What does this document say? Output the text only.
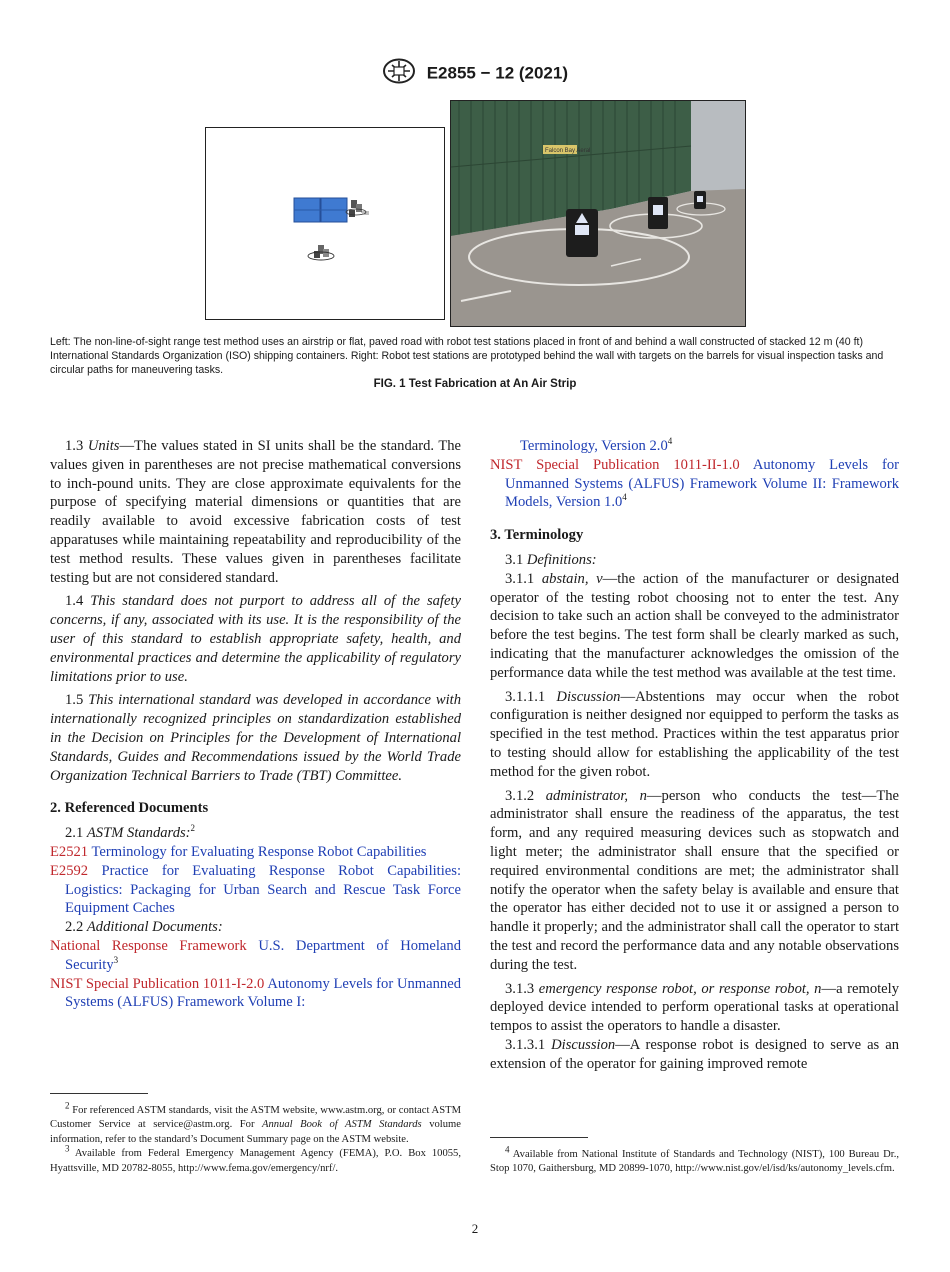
E2855 − 12 (2021)
Falcon Bay Aeral
Left: The non-line-of-sight range test method uses an airstrip or flat, paved road with robot test stations placed in front of and behind a wall constructed of stacked 12 m (40 ft) International Standards Organization (ISO) shipping containers. Right: Robot test stations are prototyped behind the wall with targets on the barrels for visual inspection tasks and circular paths for maneuvering tasks.
FIG. 1 Test Fabrication at An Air Strip

1.3 Units—The values stated in SI units shall be the standard. The values given in parentheses are not precise mathematical conversions to inch-pound units. They are close approximate equivalents for the purpose of specifying material dimensions or quantities that are readily available to avoid excessive fabrication costs of test apparatuses while maintaining repeatability and reproducibility of the test method results. These values given in parentheses facilitate testing but are not considered standard.

1.4 This standard does not purport to address all of the safety concerns, if any, associated with its use. It is the responsibility of the user of this standard to establish appropriate safety, health, and environmental practices and determine the applicability of regulatory limitations prior to use.

1.5 This international standard was developed in accordance with internationally recognized principles on standardization established in the Decision on Principles for the Development of International Standards, Guides and Recommendations issued by the World Trade Organization Technical Barriers to Trade (TBT) Committee.

2. Referenced Documents

2.1 ASTM Standards:$^2$

E2521 Terminology for Evaluating Response Robot Capabilities

E2592 Practice for Evaluating Response Robot Capabilities: Logistics: Packaging for Urban Search and Rescue Task Force Equipment Caches

2.2 Additional Documents:

National Response Framework U.S. Department of Homeland Security$^3$

NIST Special Publication 1011-I-2.0 Autonomy Levels for Unmanned Systems (ALFUS) Framework Volume I:

$^2$ For referenced ASTM standards, visit the ASTM website, www.astm.org, or contact ASTM Customer Service at service@astm.org. For Annual Book of ASTM Standards volume information, refer to the standard’s Document Summary page on the ASTM website.

$^3$ Available from Federal Emergency Management Agency (FEMA), P.O. Box 10055, Hyattsville, MD 20782-8055, http://www.fema.gov/emergency/nrf/.

Terminology, Version $2.0^4$

NIST Special Publication 1011-II-1.0 Autonomy Levels for Unmanned Systems (ALFUS) Framework Volume II: Framework Models, Version $1.0^4$

3. Terminology

3.1 Definitions:

3.1.1 abstain, v—the action of the manufacturer or designated operator of the testing robot choosing not to enter the test. Any decision to take such an action shall be conveyed to the administrator before the test begins. The test form shall be clearly marked as such, indicating that the manufacturer acknowledges the omission of the performance data while the test method was available at the test time.

3.1.1.1 Discussion—Abstentions may occur when the robot configuration is neither designed nor equipped to perform the tasks as specified in the test method. Practices within the test apparatus prior to testing should allow for establishing the applicability of the test method for the given robot.

3.1.2 administrator, n—person who conducts the test—The administrator shall ensure the readiness of the apparatus, the test form, and any required measuring devices such as stopwatch and light meter; the administrator shall ensure that the specified or required environmental conditions are met; the administrator shall notify the operator when the safety belay is available and ensure that the operator has either decided not to use it or assigned a person to handle it properly; and the administrator shall call the operator to start the test and record the performance data and any notable observations during the test.

3.1.3 emergency response robot, or response robot, n—a remotely deployed device intended to perform operational tasks at operational tempos to assist the operators to handle a disaster.

3.1.3.1 Discussion—A response robot is designed to serve as an extension of the operator for gaining improved remote

$^4$ Available from National Institute of Standards and Technology (NIST), 100 Bureau Dr., Stop 1070, Gaithersburg, MD 20899-1070, http://www.nist.gov/el/isd/ks/autonomy_levels.cfm.

2
